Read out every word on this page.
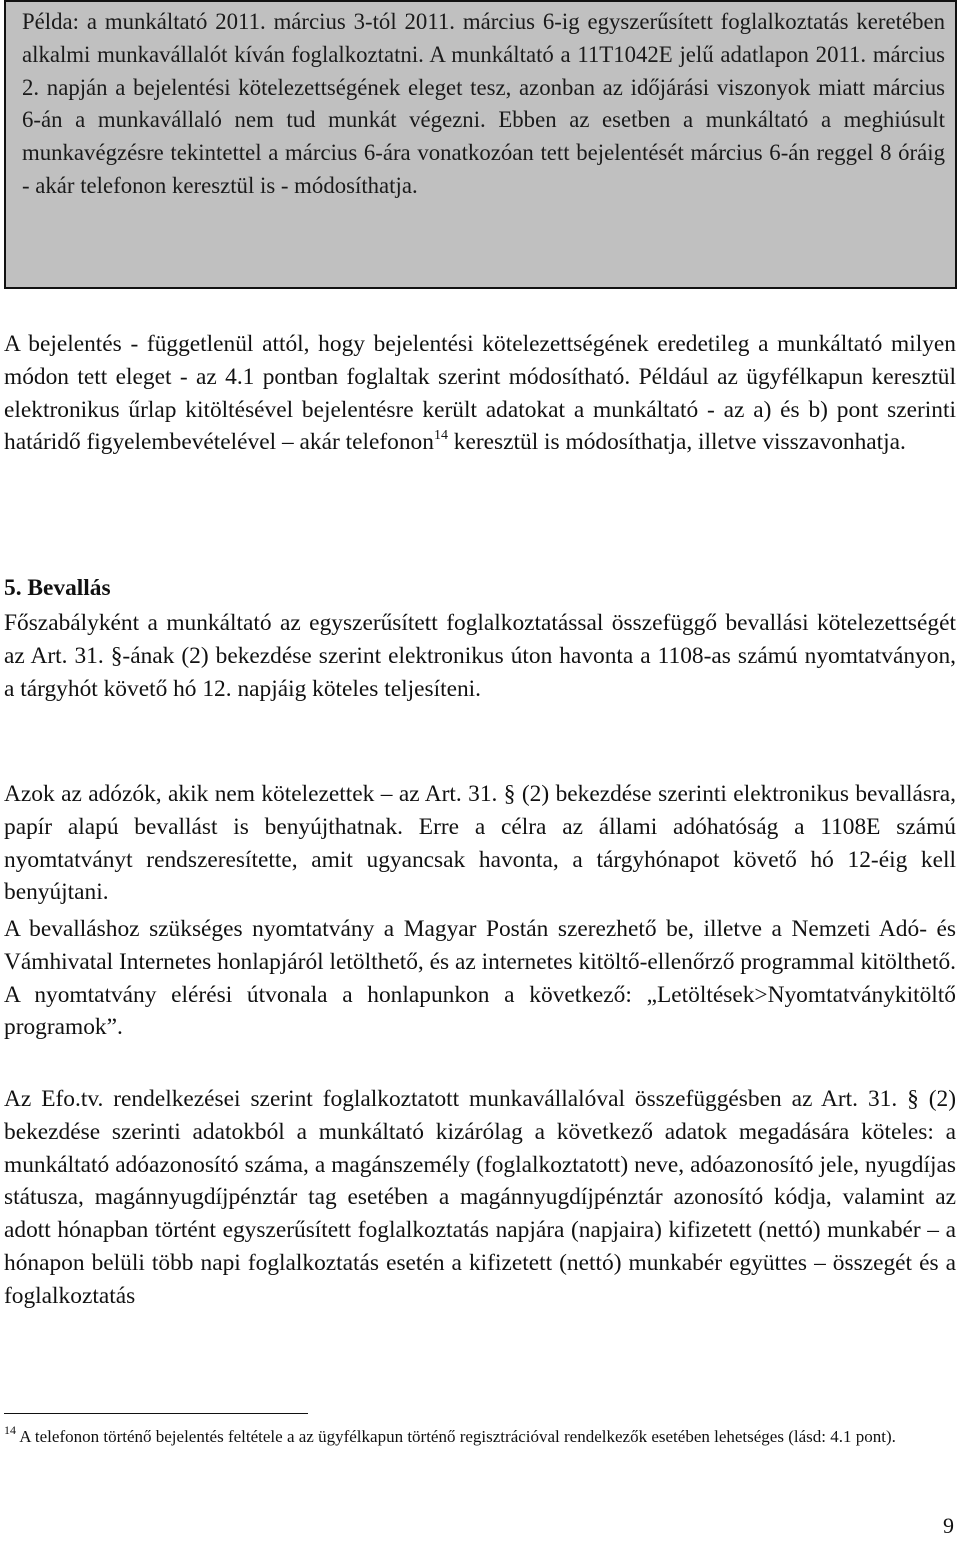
Példa: a munkáltató 2011. március 3-tól 2011. március 6-ig egyszerűsített foglalkoztatás keretében alkalmi munkavállalót kíván foglalkoztatni. A munkáltató a 11T1042E jelű adatlapon 2011. március 2. napján a bejelentési kötelezettségének eleget tesz, azonban az időjárási viszonyok miatt március 6-án a munkavállaló nem tud munkát végezni. Ebben az esetben a munkáltató a meghiúsult munkavégzésre tekintettel a március 6-ára vonatkozóan tett bejelentését március 6-án reggel 8 óráig - akár telefonon keresztül is - módosíthatja.

A bejelentés - függetlenül attól, hogy bejelentési kötelezettségének eredetileg a munkáltató milyen módon tett eleget - az 4.1 pontban foglaltak szerint módosítható. Például az ügyfélkapun keresztül elektronikus űrlap kitöltésével bejelentésre került adatokat a munkáltató - az a) és b) pont szerinti határidő figyelembevételével – akár telefonon$^{14}$ keresztül is módosíthatja, illetve visszavonhatja.

5. Bevallás

Főszabályként a munkáltató az egyszerűsített foglalkoztatással összefüggő bevallási kötelezettségét az Art. 31. §-ának (2) bekezdése szerint elektronikus úton havonta a 1108-as számú nyomtatványon, a tárgyhót követő hó 12. napjáig köteles teljesíteni.

Azok az adózók, akik nem kötelezettek – az Art. 31. § (2) bekezdése szerinti elektronikus bevallásra, papír alapú bevallást is benyújthatnak. Erre a célra az állami adóhatóság a 1108E számú nyomtatványt rendszeresítette, amit ugyancsak havonta, a tárgyhónapot követő hó 12-éig kell benyújtani.

A bevalláshoz szükséges nyomtatvány a Magyar Postán szerezhető be, illetve a Nemzeti Adó- és Vámhivatal Internetes honlapjáról letölthető, és az internetes kitöltő-ellenőrző programmal kitölthető. A nyomtatvány elérési útvonala a honlapunkon a következő: „Letöltések>Nyomtatványkitöltő programok”.

Az Efo.tv. rendelkezései szerint foglalkoztatott munkavállalóval összefüggésben az Art. 31. § (2) bekezdése szerinti adatokból a munkáltató kizárólag a következő adatok megadására köteles: a munkáltató adóazonosító száma, a magánszemély (foglalkoztatott) neve, adóazonosító jele, nyugdíjas státusza, magánnyugdíjpénztár tag esetében a magánnyugdíjpénztár azonosító kódja, valamint az adott hónapban történt egyszerűsített foglalkoztatás napjára (napjaira) kifizetett (nettó) munkabér – a hónapon belüli több napi foglalkoztatás esetén a kifizetett (nettó) munkabér együttes – összegét és a foglalkoztatás

$^{14}$ A telefonon történő bejelentés feltétele a az ügyfélkapun történő regisztrációval rendelkezők esetében lehetséges (lásd: 4.1 pont).
9
